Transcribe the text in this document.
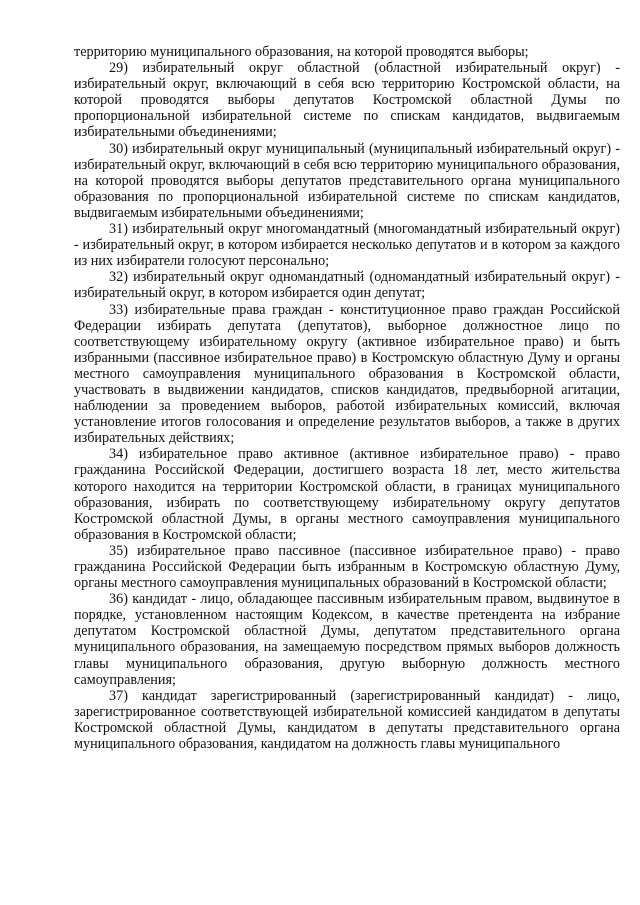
территорию муниципального образования, на которой проводятся выборы;

29) избирательный округ областной (областной избирательный округ) - избирательный округ, включающий в себя всю территорию Костромской области, на которой проводятся выборы депутатов Костромской областной Думы по пропорциональной избирательной системе по спискам кандидатов, выдвигаемым избирательными объединениями;

30) избирательный округ муниципальный (муниципальный избирательный округ) - избирательный округ, включающий в себя всю территорию муниципального образования, на которой проводятся выборы депутатов представительного органа муниципального образования по пропорциональной избирательной системе по спискам кандидатов, выдвигаемым избирательными объединениями;

31) избирательный округ многомандатный (многомандатный избирательный округ) - избирательный округ, в котором избирается несколько депутатов и в котором за каждого из них избиратели голосуют персонально;

32) избирательный округ одномандатный (одномандатный избирательный округ) - избирательный округ, в котором избирается один депутат;

33) избирательные права граждан - конституционное право граждан Российской Федерации избирать депутата (депутатов), выборное должностное лицо по соответствующему избирательному округу (активное избирательное право) и быть избранными (пассивное избирательное право) в Костромскую областную Думу и органы местного самоуправления муниципального образования в Костромской области, участвовать в выдвижении кандидатов, списков кандидатов, предвыборной агитации, наблюдении за проведением выборов, работой избирательных комиссий, включая установление итогов голосования и определение результатов выборов, а также в других избирательных действиях;

34) избирательное право активное (активное избирательное право) - право гражданина Российской Федерации, достигшего возраста 18 лет, место жительства которого находится на территории Костромской области, в границах муниципального образования, избирать по соответствующему избирательному округу депутатов Костромской областной Думы, в органы местного самоуправления муниципального образования в Костромской области;

35) избирательное право пассивное (пассивное избирательное право) - право гражданина Российской Федерации быть избранным в Костромскую областную Думу, органы местного самоуправления муниципальных образований в Костромской области;

36) кандидат - лицо, обладающее пассивным избирательным правом, выдвинутое в порядке, установленном настоящим Кодексом, в качестве претендента на избрание депутатом Костромской областной Думы, депутатом представительного органа муниципального образования, на замещаемую посредством прямых выборов должность главы муниципального образования, другую выборную должность местного самоуправления;

37) кандидат зарегистрированный (зарегистрированный кандидат) - лицо, зарегистрированное соответствующей избирательной комиссией кандидатом в депутаты Костромской областной Думы, кандидатом в депутаты представительного органа муниципального образования, кандидатом на должность главы муниципального
